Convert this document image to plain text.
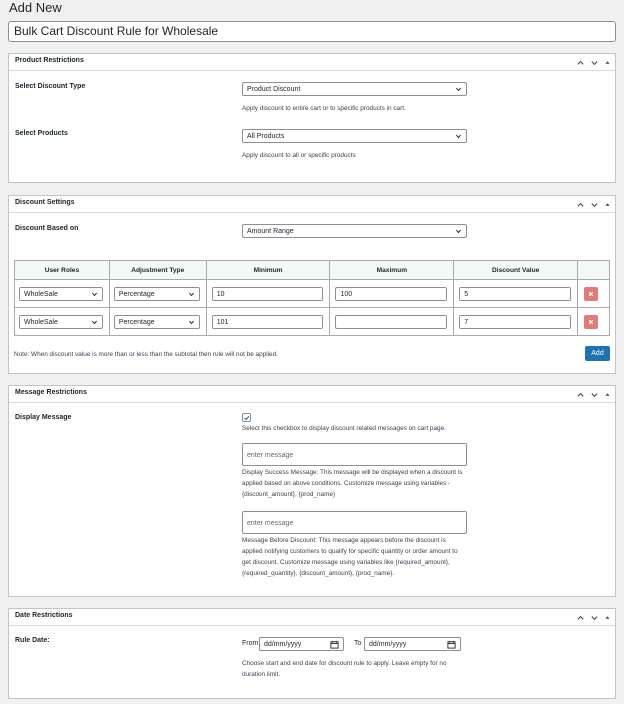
Add New
Bulk Cart Discount Rule for Wholesale
Product Restrictions
Select Discount Type	Product Discount
Apply discount to entire cart or to specific products in cart.
Select Products	All Products
Apply discount to all or specific products
Discount Settings
Discount Based on	Amount Range
User Roles	Adjustment Type	Minimum	Maximum	Discount Value	

WholeSale	Percentage	10	100	5

WholeSale	Percentage	101		7

Note: When discount value is more than or less than the subtotal then rule will not be applied.	Add
Message Restrictions
Display Message
Select this checkbox to display discount related messages on cart page.
enter message
Display Success Message: This message will be displayed when a discount is
applied based on above conditions. Customize message using variables -
{discount_amount}, {prod_name}
enter message
Message Before Discount: This message appears before the discount is
applied notifying customers to qualify for specific quantity or order amount to
get discount. Customize message using variables like {required_amount},
{required_quantity}, {discount_amount}, {prod_name}.
Date Restrictions
Rule Date:	From dd/mm/yyyy	To	dd/mm/yyyy
Choose start and end date for discount rule to apply. Leave empty for no
duration limit.
